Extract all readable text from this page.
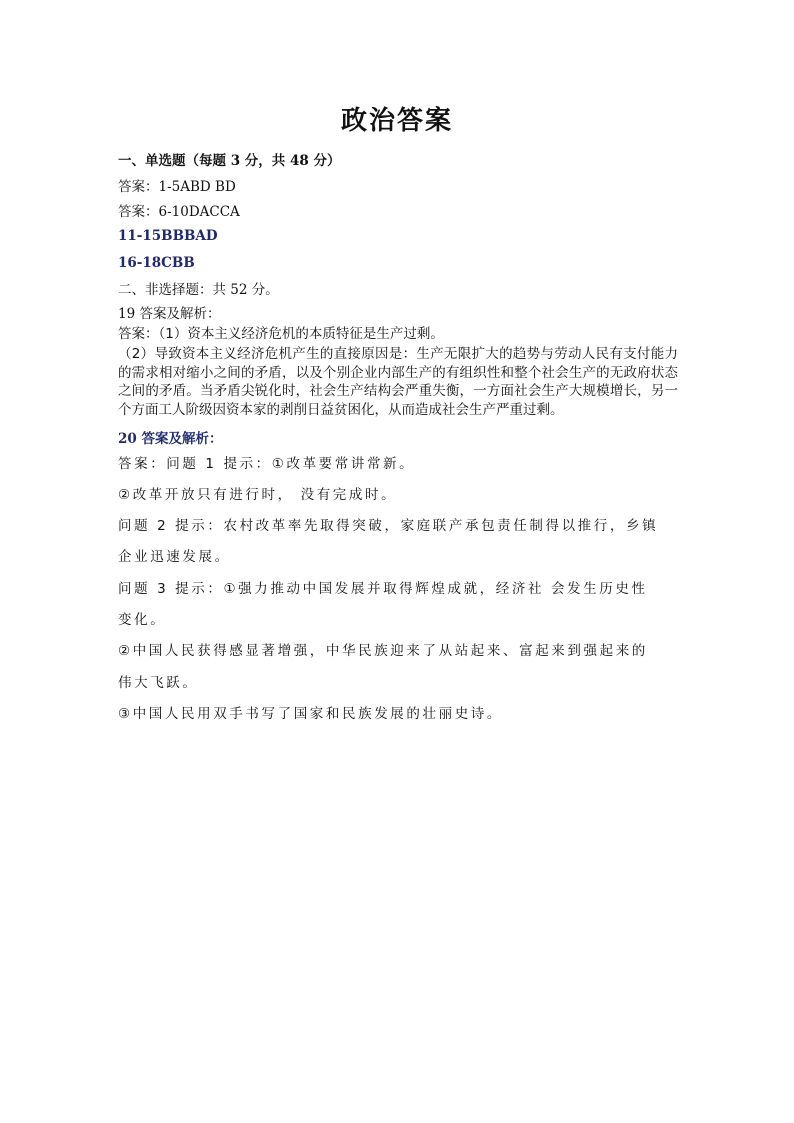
政治答案
一、单选题（每题 3 分，共 48 分）
答案：1-5ABD BD
答案：6-10DACCA
11-15BBBAD
16-18CBB
二、非选择题：共 52 分。
19 答案及解析：
答案：（1）资本主义经济危机的本质特征是生产过剩。
（2）导致资本主义经济危机产生的直接原因是：生产无限扩大的趋势与劳动人民有支付能力的需求相对缩小之间的矛盾，以及个别企业内部生产的有组织性和整个社会生产的无政府状态之间的矛盾。当矛盾尖锐化时，社会生产结构会严重失衡，一方面社会生产大规模增长，另一个方面工人阶级因资本家的剥削日益贫困化，从而造成社会生产严重过剩。
20 答案及解析：
答案：问题 1 提示：①改革要常讲常新。
②改革开放只有进行时， 没有完成时。
问题 2 提示：农村改革率先取得突破，家庭联产承包责任制得以推行，乡镇
企业迅速发展。
问题 3 提示：①强力推动中国发展并取得辉煌成就，经济社 会发生历史性
变化。
②中国人民获得感显著增强，中华民族迎来了从站起来、富起来到强起来的
伟大飞跃。
③中国人民用双手书写了国家和民族发展的壮丽史诗。
